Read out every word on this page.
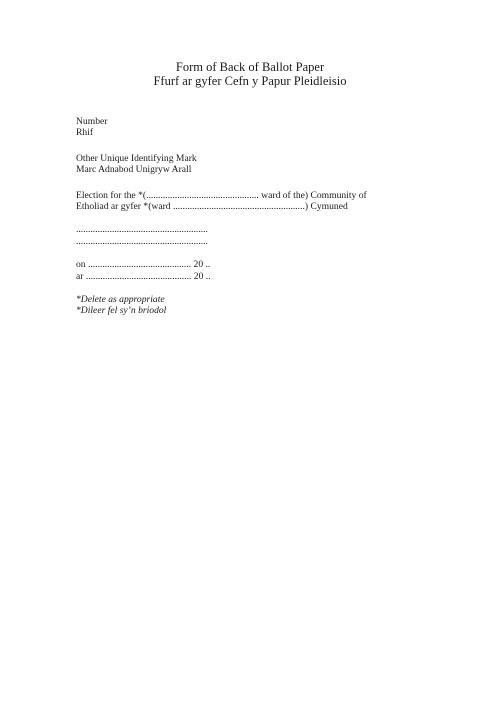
Form of Back of Ballot Paper
Ffurf ar gyfer Cefn y Papur Pleidleisio
Number
Rhif
Other Unique Identifying Mark
Marc Adnabod Unigryw Arall
Election for the *(............................................... ward of the) Community of
Etholiad ar gyfer *(ward .......................................................) Cymuned
.......................................................
.......................................................
on ........................................... 20 ..
ar ............................................ 20 ..
*Delete as appropriate
*Dileer fel sy’n briodol
